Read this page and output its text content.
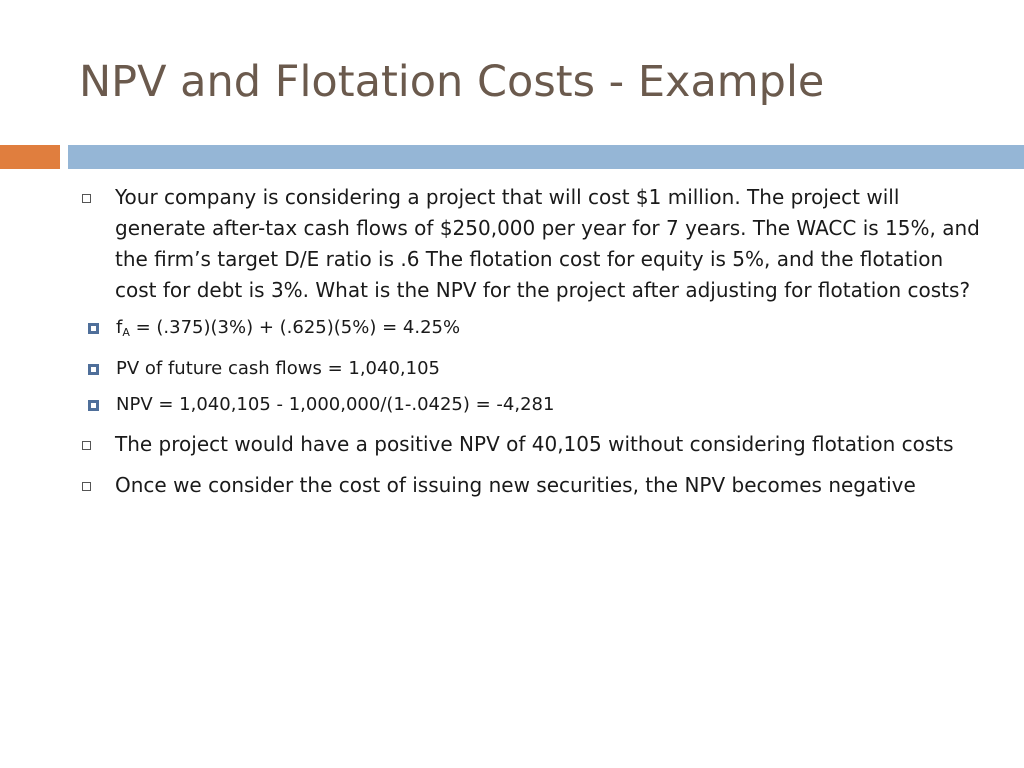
NPV and Flotation Costs - Example
Your company is considering a project that will cost $1 million. The project will generate after-tax cash flows of $250,000 per year for 7 years. The WACC is 15%, and the firm’s target D/E ratio is .6 The flotation cost for equity is 5%, and the flotation cost for debt is 3%. What is the NPV for the project after adjusting for flotation costs?
$f_A = (.375)(3\%) + (.625)(5\%) = 4.25\%$
PV of future cash flows = 1,040,105
NPV = 1,040,105 - 1,000,000/(1-.0425) = -4,281
The project would have a positive NPV of 40,105 without considering flotation costs
Once we consider the cost of issuing new securities, the NPV becomes negative
